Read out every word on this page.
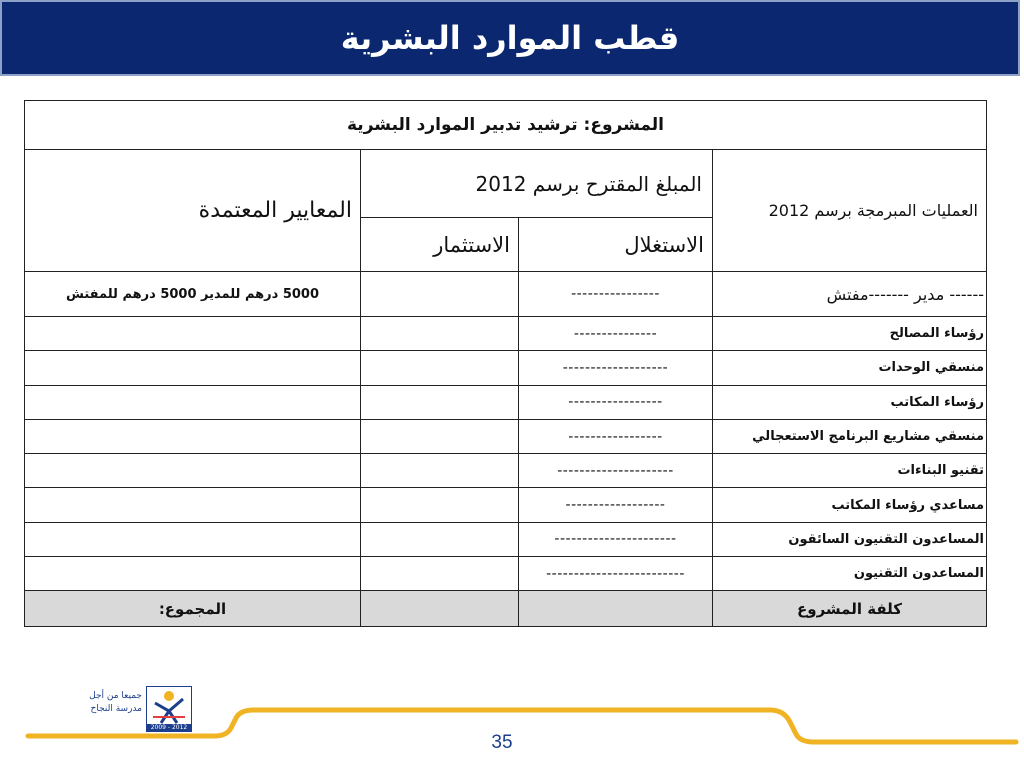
قطب الموارد البشرية
المشروع: ترشيد تدبير الموارد البشرية			
العمليات المبرمجة برسم 2012	المبلغ المقترح برسم 2012		المعايير المعتمدة
	الاستغلال	الاستثمار	
------ مدير -------مفتش	----------------		5000 درهم للمدير 5000 درهم للمفتش
رؤساء المصالح	---------------		
منسقي الوحدات	-------------------		
رؤساء المكاتب	-----------------		
منسقي مشاريع البرنامج الاستعجالي	-----------------		
تقنيو البناءات	---------------------		
مساعدي رؤساء المكاتب	------------------		
المساعدون التقنيون السائقون	----------------------		
المساعدون التقنيون	-------------------------		
كلفة المشروع			المجموع:
جميعا من أجل
مدرسة النجاح
2009 - 2012
35
